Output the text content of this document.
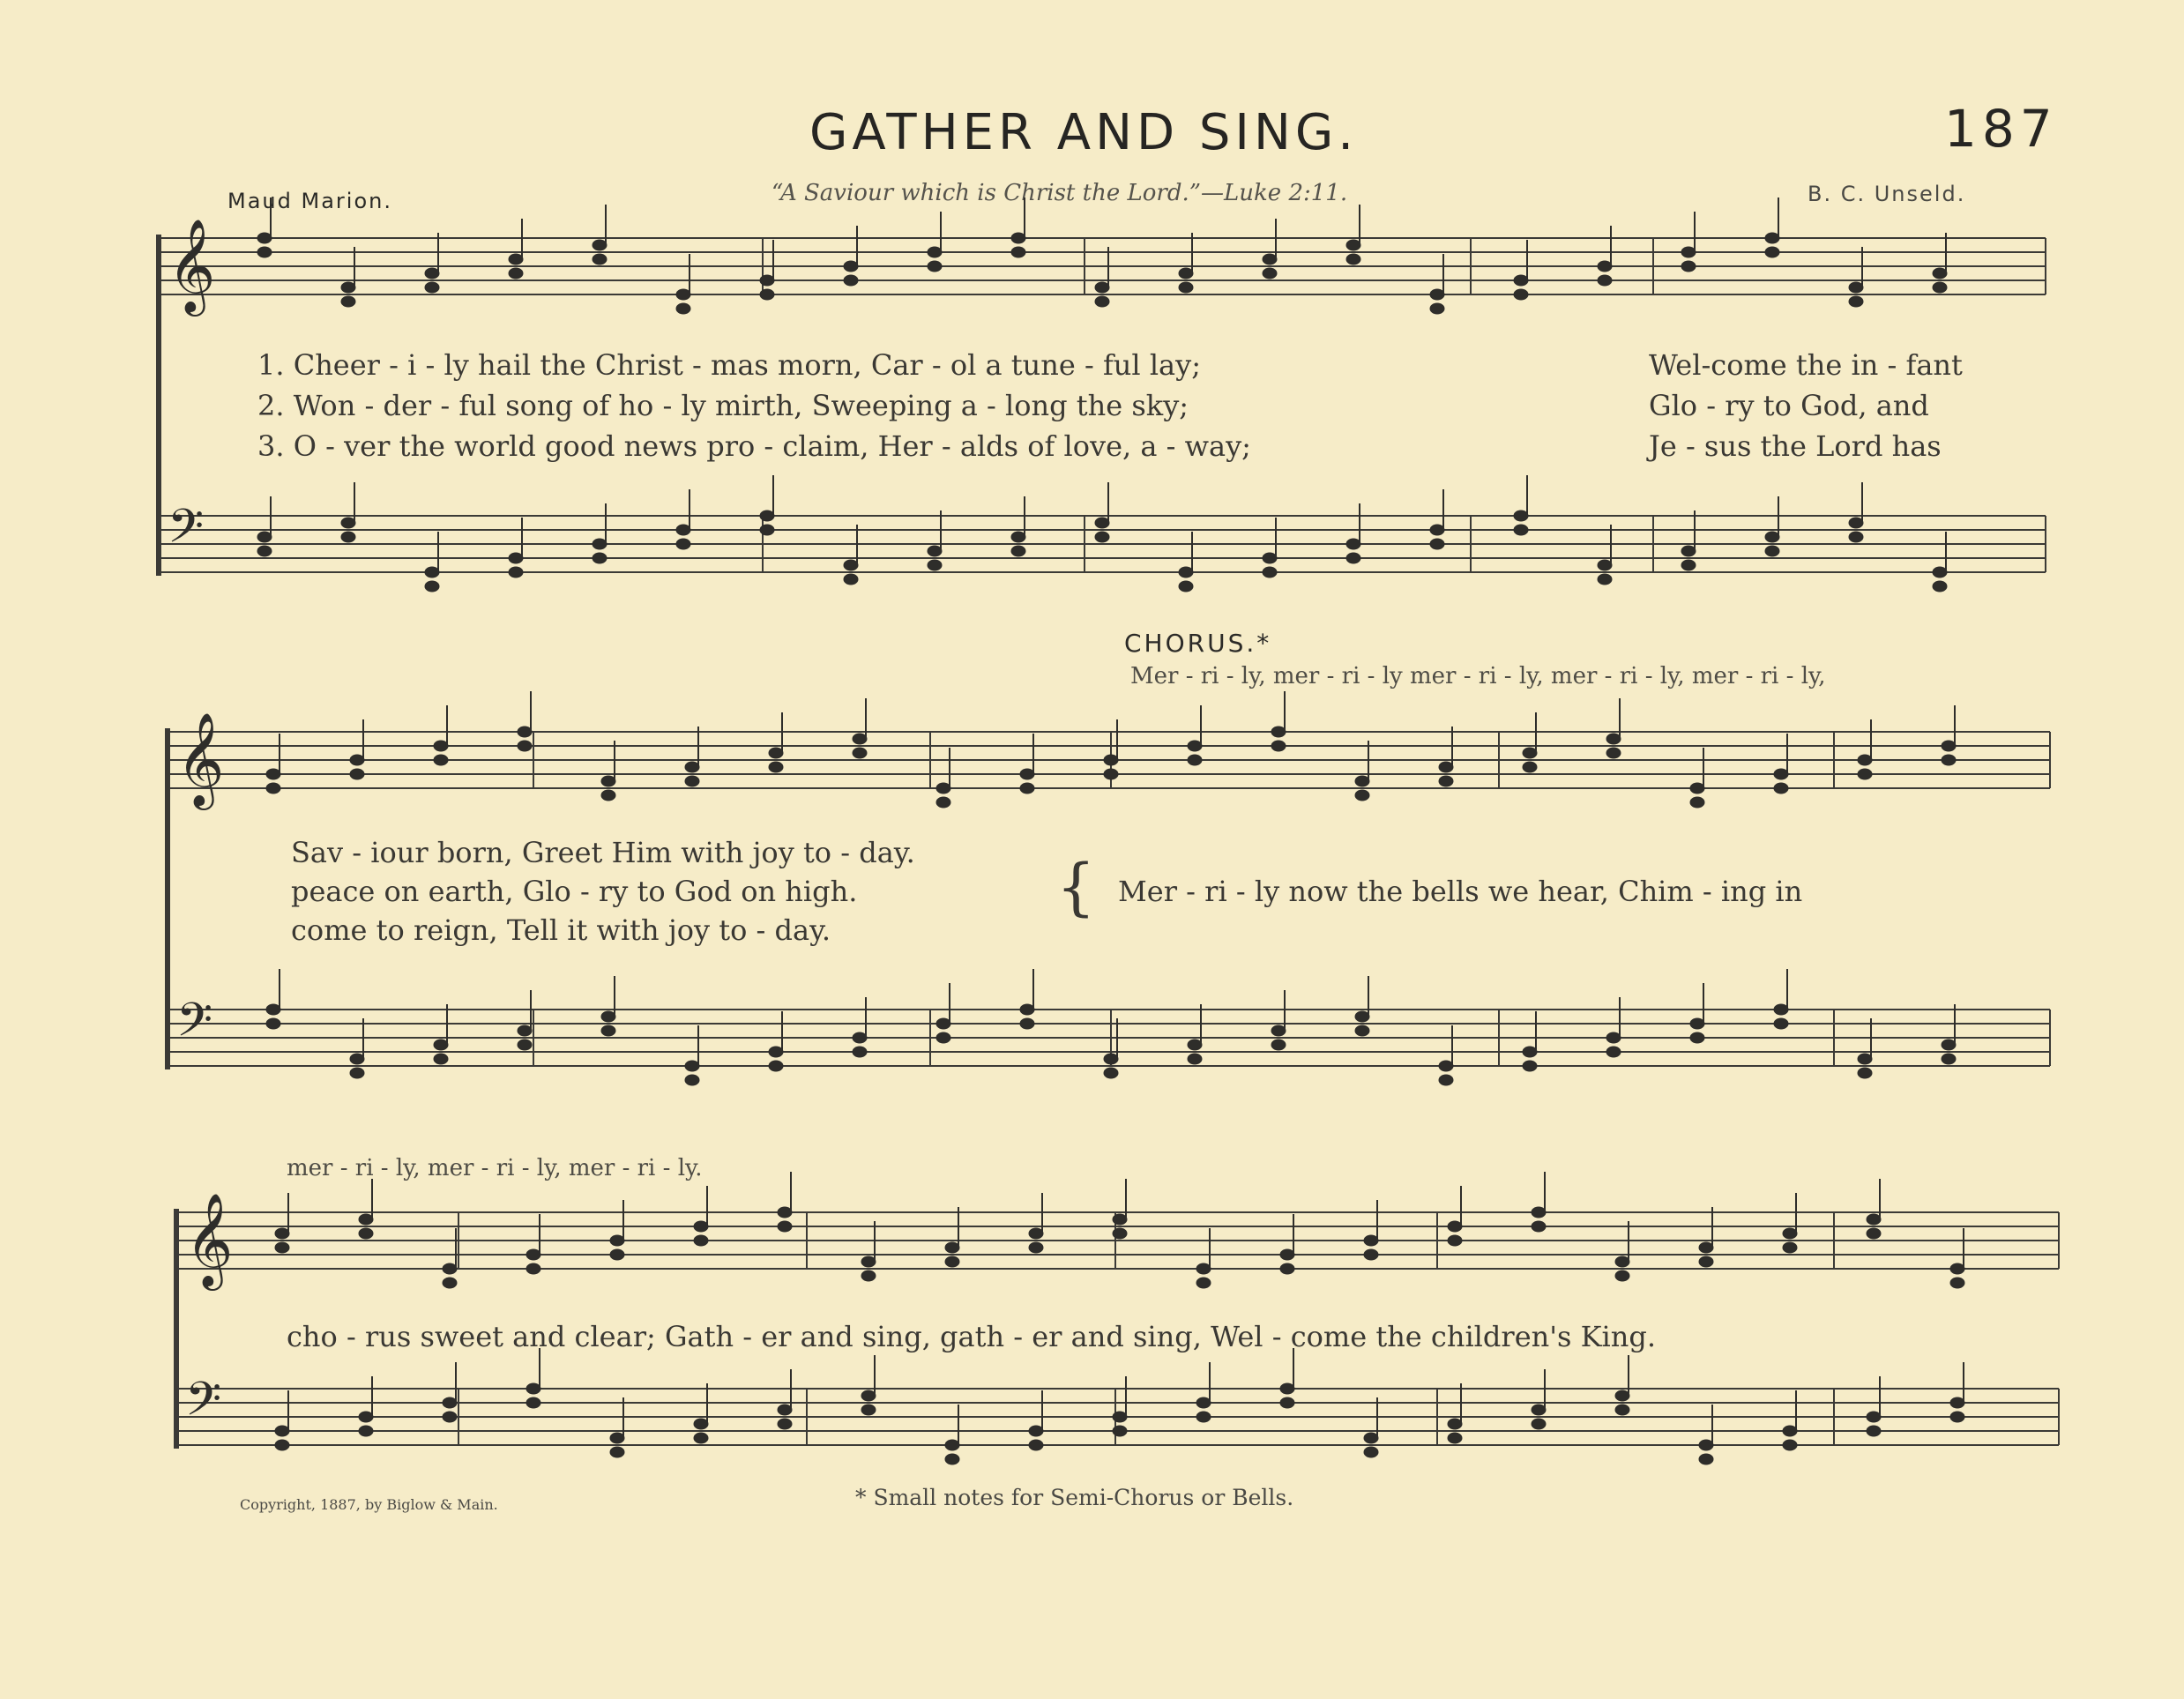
GATHER AND SING.	187
Maud Marion.	“A Saviour which is Christ the Lord.”—Luke 2:11.	B. C. Unseld.
𝄞
𝄢
𝄞
𝄢
𝄞
𝄢
1. Cheer - i - ly hail the Christ - mas morn, Car - ol a tune - ful lay;	Wel-come the in - fant
2. Won - der - ful song of ho - ly mirth, Sweeping a - long the sky;	Glo - ry to God, and
3. O - ver the world good news pro - claim, Her - alds of love, a - way;	Je - sus the Lord has
CHORUS.*
Mer - ri - ly, mer - ri - ly mer - ri - ly, mer - ri - ly, mer - ri - ly,
Sav - iour born, Greet Him with joy to - day.
peace on earth, Glo - ry to God on high.
come to reign, Tell it with joy to - day.
{ Mer - ri - ly now the bells we hear, Chim - ing in
mer - ri - ly, mer - ri - ly, mer - ri - ly.
cho - rus sweet and clear; Gath - er and sing, gath - er and sing, Wel - come the children's King.
Copyright, 1887, by Biglow & Main.	* Small notes for Semi-Chorus or Bells.
